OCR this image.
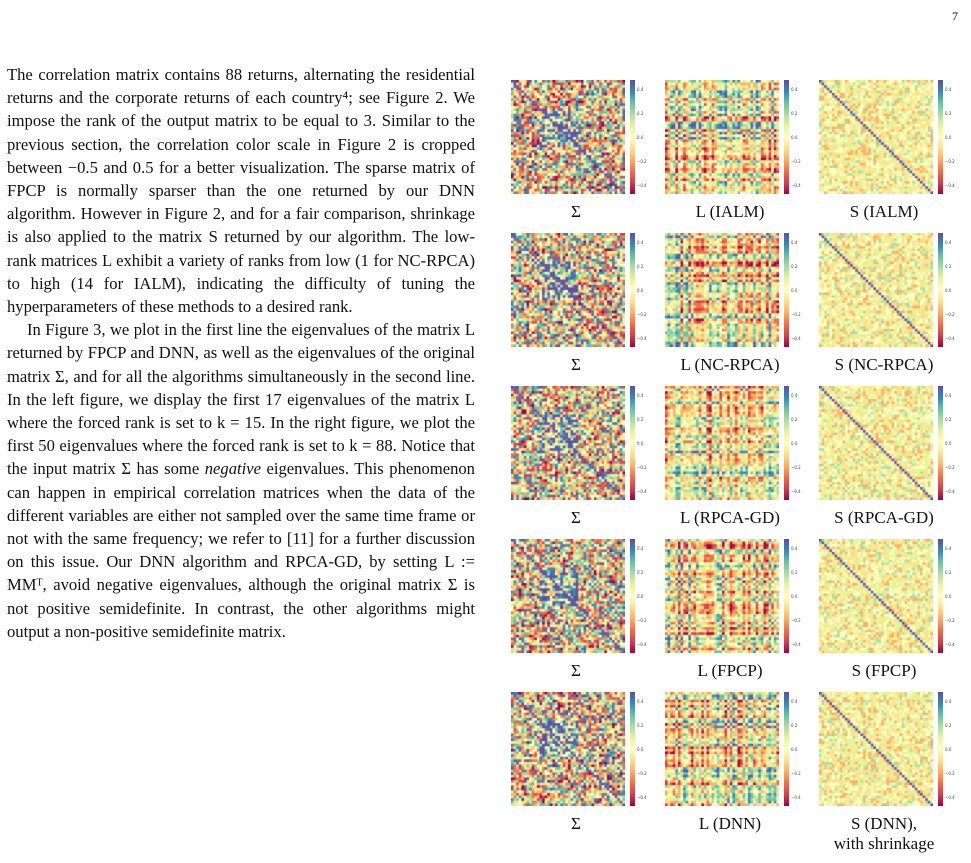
7

The correlation matrix contains 88 returns, alternating the residential returns and the corporate returns of each country⁴; see Figure 2. We impose the rank of the output matrix to be equal to 3. Similar to the previous section, the correlation color scale in Figure 2 is cropped between −0.5 and 0.5 for a better visualization. The sparse matrix of FPCP is normally sparser than the one returned by our DNN algorithm. However in Figure 2, and for a fair comparison, shrinkage is also applied to the matrix S returned by our algorithm. The low-rank matrices L exhibit a variety of ranks from low (1 for NC-RPCA) to high (14 for IALM), indicating the difficulty of tuning the hyperparameters of these methods to a desired rank.

In Figure 3, we plot in the first line the eigenvalues of the matrix L returned by FPCP and DNN, as well as the eigenvalues of the original matrix Σ, and for all the algorithms simultaneously in the second line. In the left figure, we display the first 17 eigenvalues of the matrix L where the forced rank is set to k = 15. In the right figure, we plot the first 50 eigenvalues where the forced rank is set to k = 88. Notice that the input matrix Σ has some negative eigenvalues. This phenomenon can happen in empirical correlation matrices when the data of the different variables are either not sampled over the same time frame or not with the same frequency; we refer to [11] for a further discussion on this issue. Our DNN algorithm and RPCA-GD, by setting L := MMᵀ, avoid negative eigenvalues, although the original matrix Σ is not positive semidefinite. In contrast, the other algorithms might output a non-positive semidefinite matrix.

0.4
0.2
0.0
−0.2
−0.4
Σ
0.4
0.2
0.0
−0.2
−0.4
L (IALM)
0.4
0.2
0.0
−0.2
−0.4
S (IALM)
0.4
0.2
0.0
−0.2
−0.4
Σ
0.4
0.2
0.0
−0.2
−0.4
L (NC-RPCA)
0.4
0.2
0.0
−0.2
−0.4
S (NC-RPCA)
0.4
0.2
0.0
−0.2
−0.4
Σ
0.4
0.2
0.0
−0.2
−0.4
L (RPCA-GD)
0.4
0.2
0.0
−0.2
−0.4
S (RPCA-GD)
0.4
0.2
0.0
−0.2
−0.4
Σ
0.4
0.2
0.0
−0.2
−0.4
L (FPCP)
0.4
0.2
0.0
−0.2
−0.4
S (FPCP)
0.4
0.2
0.0
−0.2
−0.4
Σ
0.4
0.2
0.0
−0.2
−0.4
L (DNN)
0.4
0.2
0.0
−0.2
−0.4
S (DNN),
with shrinkage
